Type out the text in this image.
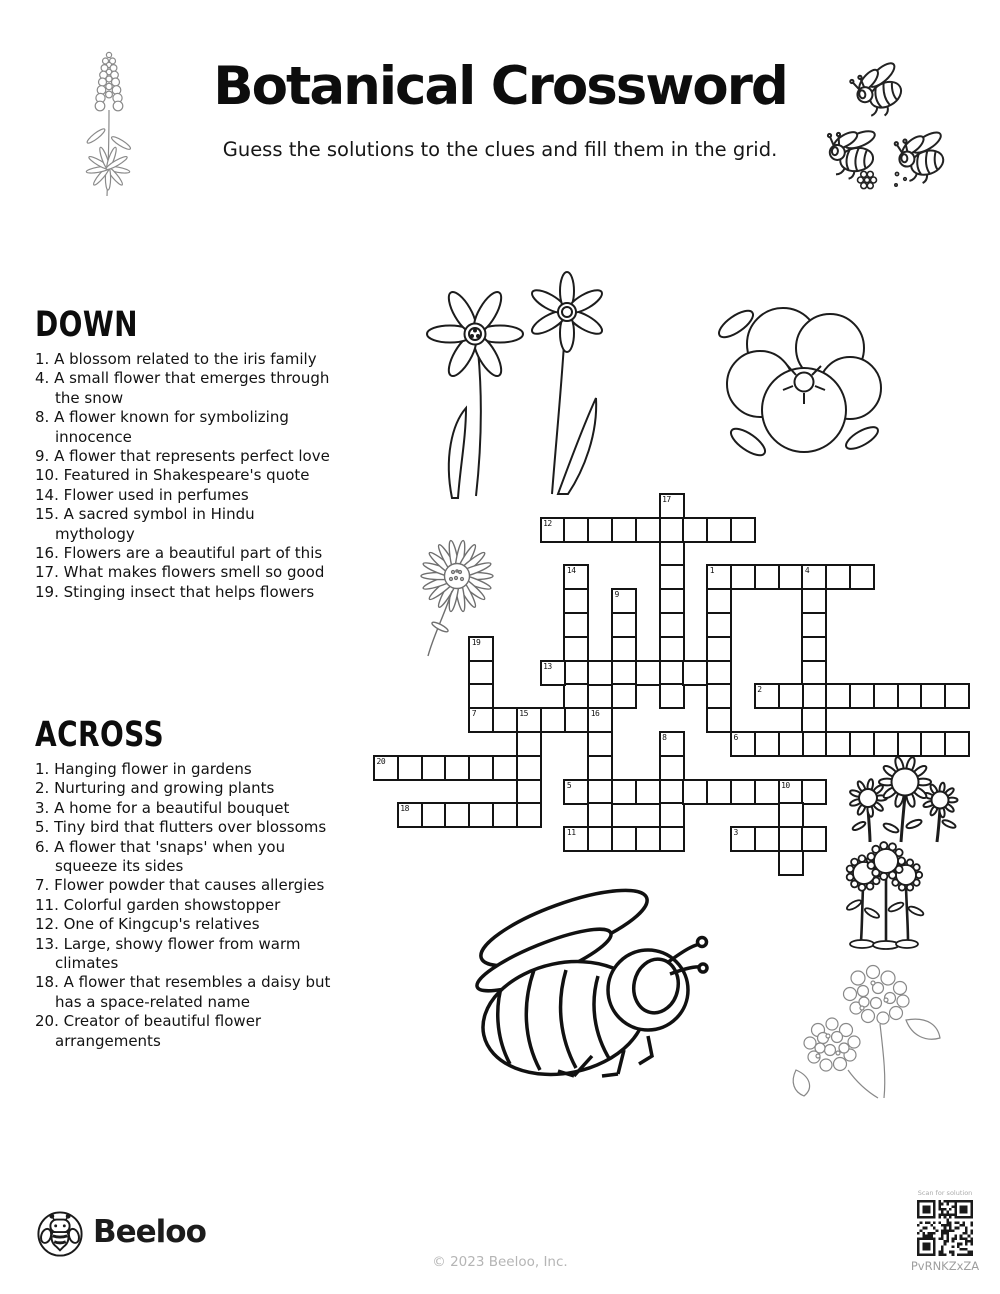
Botanical Crossword
Guess the solutions to the clues and fill them in the grid.
DOWN
1. A blossom related to the iris family
4. A small flower that emerges through the snow
8. A flower known for symbolizing innocence
9. A flower that represents perfect love
10. Featured in Shakespeare's quote
14. Flower used in perfumes
15. A sacred symbol in Hindu mythology
16. Flowers are a beautiful part of this
17. What makes flowers smell so good
19. Stinging insect that helps flowers
ACROSS
1. Hanging flower in gardens
2. Nurturing and growing plants
3. A home for a beautiful bouquet
5. Tiny bird that flutters over blossoms
6. A flower that 'snaps' when you squeeze its sides
7. Flower powder that causes allergies
11. Colorful garden showstopper
12. One of Kingcup's relatives
13. Large, showy flower from warm climates
18. A flower that resembles a daisy but has a space-related name
20. Creator of beautiful flower arrangements
17
12
14	1	4
9
19
7
13
2
15	16
6
8
20
5	10
18
11	3
Beeloo
© 2023 Beeloo, Inc.
Scan for solution
PvRNKZxZA
